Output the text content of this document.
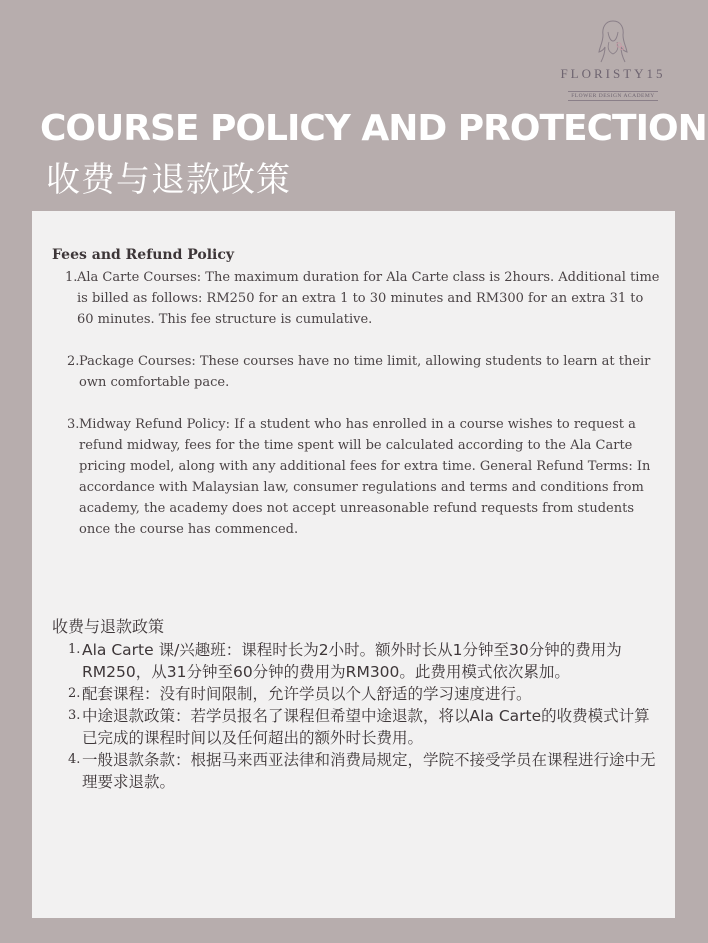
FLORISTY15
FLOWER DESIGN ACADEMY
COURSE POLICY AND PROTECTION
收费与退款政策
Fees and Refund Policy
1. Ala Carte Courses: The maximum duration for Ala Carte class is 2hours. Additional time is billed as follows: RM250 for an extra 1 to 30 minutes and RM300 for an extra 31 to 60 minutes. This fee structure is cumulative.
2. Package Courses: These courses have no time limit, allowing students to learn at their own comfortable pace.
3. Midway Refund Policy: If a student who has enrolled in a course wishes to request a refund midway, fees for the time spent will be calculated according to the Ala Carte pricing model, along with any additional fees for extra time. General Refund Terms: In accordance with Malaysian law, consumer regulations and terms and conditions from academy, the academy does not accept unreasonable refund requests from students once the course has commenced.
收费与退款政策
1. Ala Carte 课/兴趣班：课程时长为2小时。额外时长从1分钟至30分钟的费用为RM250，从31分钟至60分钟的费用为RM300。此费用模式依次累加。
2. 配套课程：没有时间限制，允许学员以个人舒适的学习速度进行。
3. 中途退款政策：若学员报名了课程但希望中途退款，将以Ala Carte的收费模式计算已完成的课程时间以及任何超出的额外时长费用。
4. 一般退款条款：根据马来西亚法律和消费局规定，学院不接受学员在课程进行途中无理要求退款。
